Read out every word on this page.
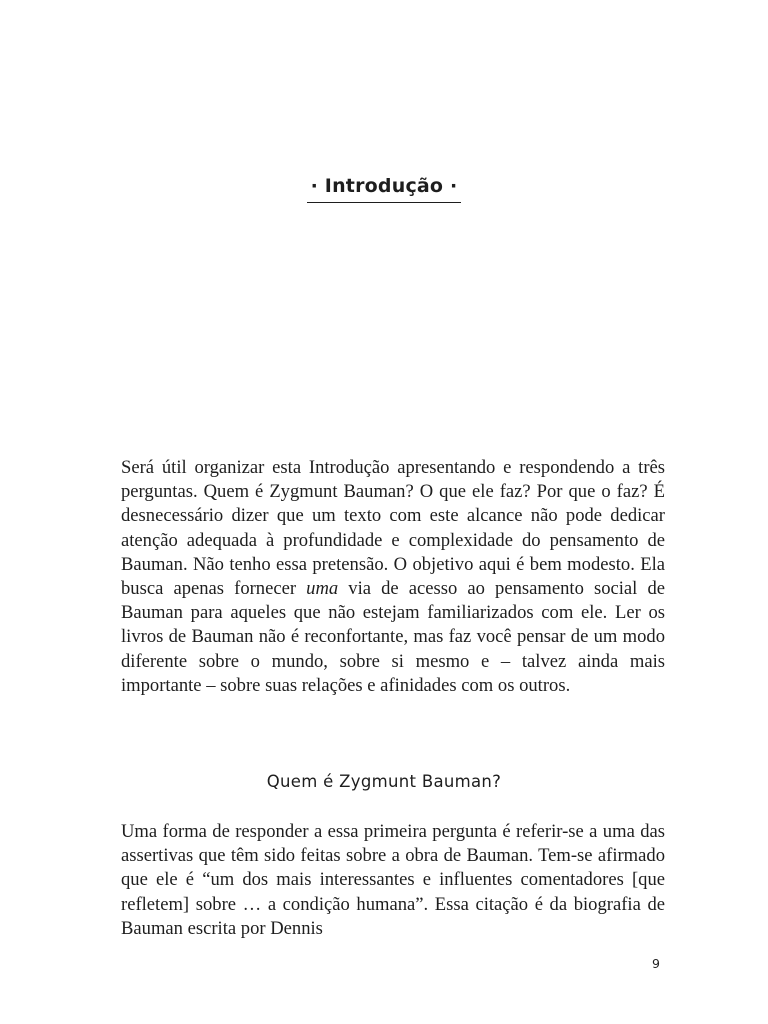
· Introdução ·

Será útil organizar esta Introdução apresentando e respondendo a três perguntas. Quem é Zygmunt Bauman? O que ele faz? Por que o faz? É desnecessário dizer que um texto com este alcance não pode dedicar atenção adequada à profundidade e complexidade do pensamento de Bauman. Não tenho essa pretensão. O objetivo aqui é bem modesto. Ela busca apenas fornecer uma via de acesso ao pensamento social de Bauman para aqueles que não estejam familiarizados com ele. Ler os livros de Bauman não é reconfortante, mas faz você pensar de um modo diferente sobre o mundo, sobre si mesmo e – talvez ainda mais importante – sobre suas relações e afinidades com os outros.

Quem é Zygmunt Bauman?

Uma forma de responder a essa primeira pergunta é referir-se a uma das assertivas que têm sido feitas sobre a obra de Bauman. Tem-se afirmado que ele é “um dos mais interessantes e influentes comentadores [que refletem] sobre … a condição humana”. Essa citação é da biografia de Bauman escrita por Dennis

9
